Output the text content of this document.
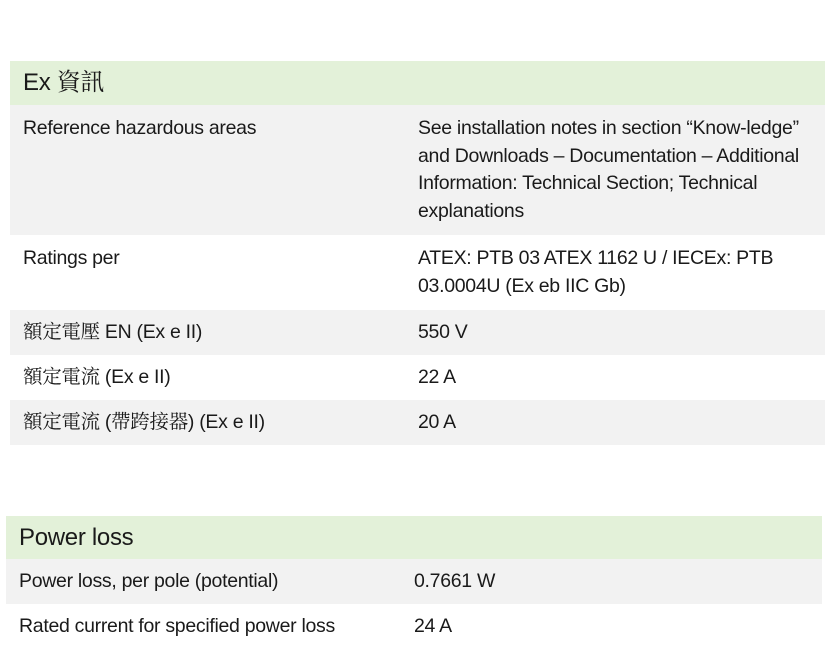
Ex 資訊
Reference hazardous areas	See installation notes in section “Know-ledge” and Downloads – Documentation – Additional Information: Technical Section; Technical explanations
Ratings per	ATEX: PTB 03 ATEX 1162 U / IECEx: PTB 03.0004U (Ex eb IIC Gb)
額定電壓 EN (Ex e II)	550 V
額定電流 (Ex e II)	22 A
額定電流 (帶跨接器) (Ex e II)	20 A
Power loss
Power loss, per pole (potential)	0.7661 W
Rated current for specified power loss	24 A
